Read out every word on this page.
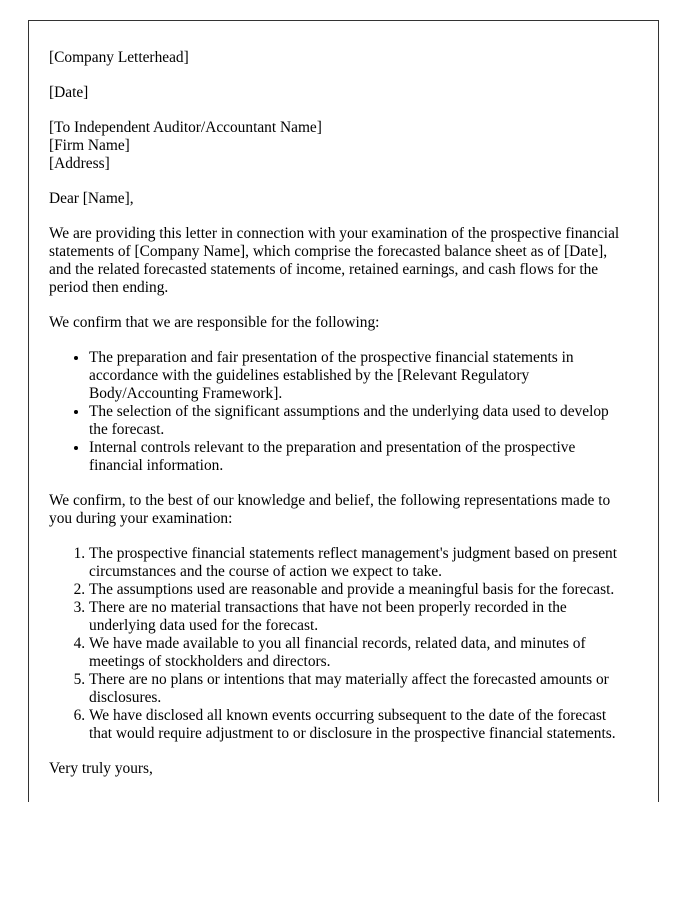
[Company Letterhead]

[Date]

[To Independent Auditor/Accountant Name]
[Firm Name]
[Address]

Dear [Name],

We are providing this letter in connection with your examination of the prospective financial statements of [Company Name], which comprise the forecasted balance sheet as of [Date], and the related forecasted statements of income, retained earnings, and cash flows for the period then ending.

We confirm that we are responsible for the following:

• The preparation and fair presentation of the prospective financial statements in accordance with the guidelines established by the [Relevant Regulatory Body/Accounting Framework].
• The selection of the significant assumptions and the underlying data used to develop the forecast.
• Internal controls relevant to the preparation and presentation of the prospective financial information.

We confirm, to the best of our knowledge and belief, the following representations made to you during your examination:

1. The prospective financial statements reflect management's judgment based on present circumstances and the course of action we expect to take.
2. The assumptions used are reasonable and provide a meaningful basis for the forecast.
3. There are no material transactions that have not been properly recorded in the underlying data used for the forecast.
4. We have made available to you all financial records, related data, and minutes of meetings of stockholders and directors.
5. There are no plans or intentions that may materially affect the forecasted amounts or disclosures.
6. We have disclosed all known events occurring subsequent to the date of the forecast that would require adjustment to or disclosure in the prospective financial statements.

Very truly yours,
